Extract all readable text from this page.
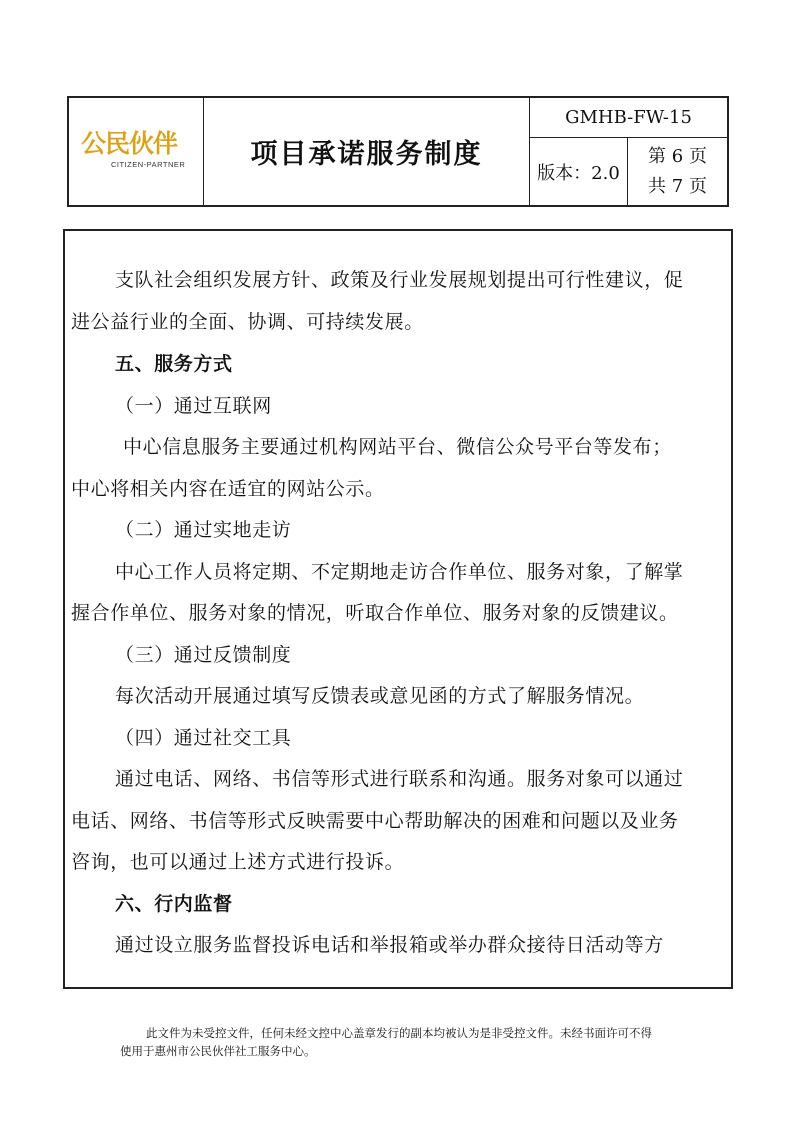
公民伙伴
CITIZEN-PARTNER	项目承诺服务制度
GMHB-FW-15
版本：2.0
第 6 页
共 7 页
支队社会组织发展方针、政策及行业发展规划提出可行性建议，促
进公益行业的全面、协调、可持续发展。
五、服务方式
（一）通过互联网
中心信息服务主要通过机构网站平台、微信公众号平台等发布；
中心将相关内容在适宜的网站公示。
（二）通过实地走访
中心工作人员将定期、不定期地走访合作单位、服务对象，了解掌
握合作单位、服务对象的情况，听取合作单位、服务对象的反馈建议。
（三）通过反馈制度
每次活动开展通过填写反馈表或意见函的方式了解服务情况。
（四）通过社交工具
通过电话、网络、书信等形式进行联系和沟通。服务对象可以通过
电话、网络、书信等形式反映需要中心帮助解决的困难和问题以及业务
咨询，也可以通过上述方式进行投诉。
六、行内监督
通过设立服务监督投诉电话和举报箱或举办群众接待日活动等方
此文件为未受控文件，任何未经文控中心盖章发行的副本均被认为是非受控文件。未经书面许可不得
使用于惠州市公民伙伴社工服务中心。
